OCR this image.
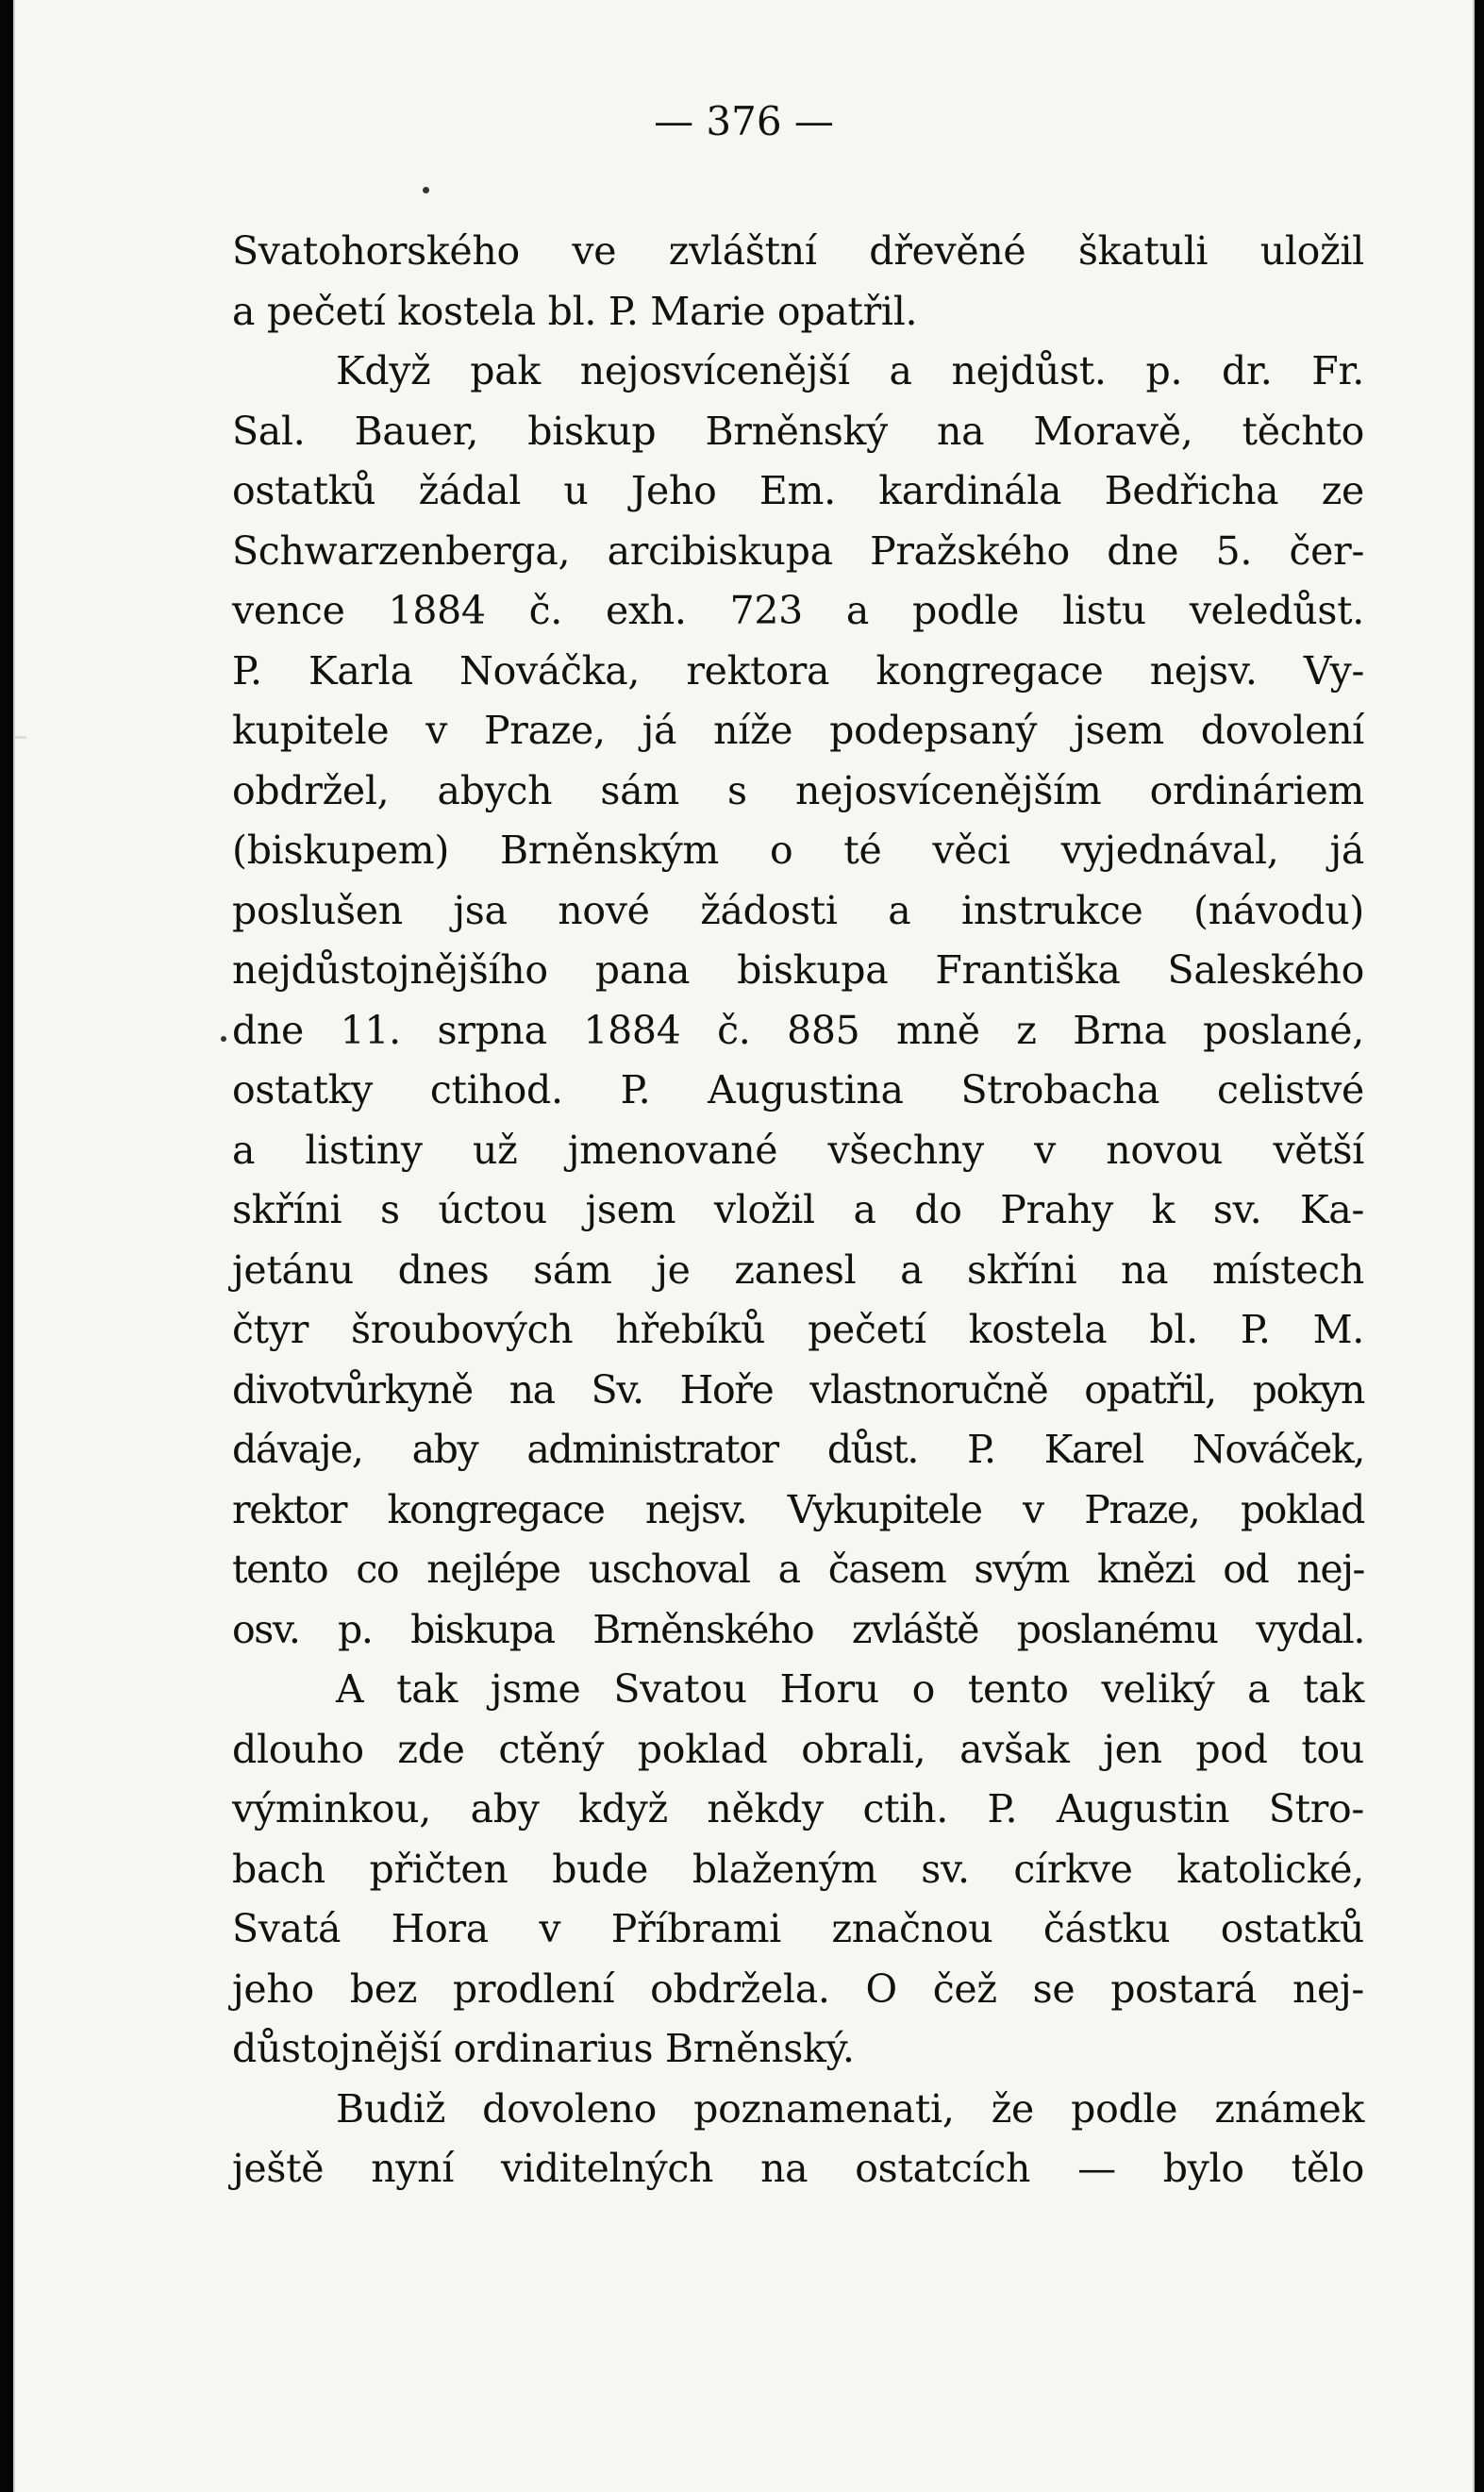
— 376 —
Svatohorského ve zvláštní dřevěné škatuli uložil
a pečetí kostela bl. P. Marie opatřil.
Když pak nejosvícenější a nejdůst. p. dr. Fr.
Sal. Bauer, biskup Brněnský na Moravě, těchto
ostatků žádal u Jeho Em. kardinála Bedřicha ze
Schwarzenberga, arcibiskupa Pražského dne 5. čer-
vence 1884 č. exh. 723 a podle listu veledůst.
P. Karla Nováčka, rektora kongregace nejsv. Vy-
kupitele v Praze, já níže podepsaný jsem dovolení
obdržel, abych sám s nejosvícenějším ordináriem
(biskupem) Brněnským o té věci vyjednával, já
poslušen jsa nové žádosti a instrukce (návodu)
nejdůstojnějšího pana biskupa Františka Saleského
dne 11. srpna 1884 č. 885 mně z Brna poslané,
ostatky ctihod. P. Augustina Strobacha celistvé
a listiny už jmenované všechny v novou větší
skříni s úctou jsem vložil a do Prahy k sv. Ka-
jetánu dnes sám je zanesl a skříni na místech
čtyr šroubových hřebíků pečetí kostela bl. P. M.
divotvůrkyně na Sv. Hoře vlastnoručně opatřil, pokyn
dávaje, aby administrator důst. P. Karel Nováček,
rektor kongregace nejsv. Vykupitele v Praze, poklad
tento co nejlépe uschoval a časem svým knězi od nej-
osv. p. biskupa Brněnského zvláště poslanému vydal.
A tak jsme Svatou Horu o tento veliký a tak
dlouho zde ctěný poklad obrali, avšak jen pod tou
výminkou, aby když někdy ctih. P. Augustin Stro-
bach přičten bude blaženým sv. církve katolické,
Svatá Hora v Příbrami značnou částku ostatků
jeho bez prodlení obdržela. O čež se postará nej-
důstojnější ordinarius Brněnský.
Budiž dovoleno poznamenati, že podle známek
ještě nyní viditelných na ostatcích — bylo tělo
